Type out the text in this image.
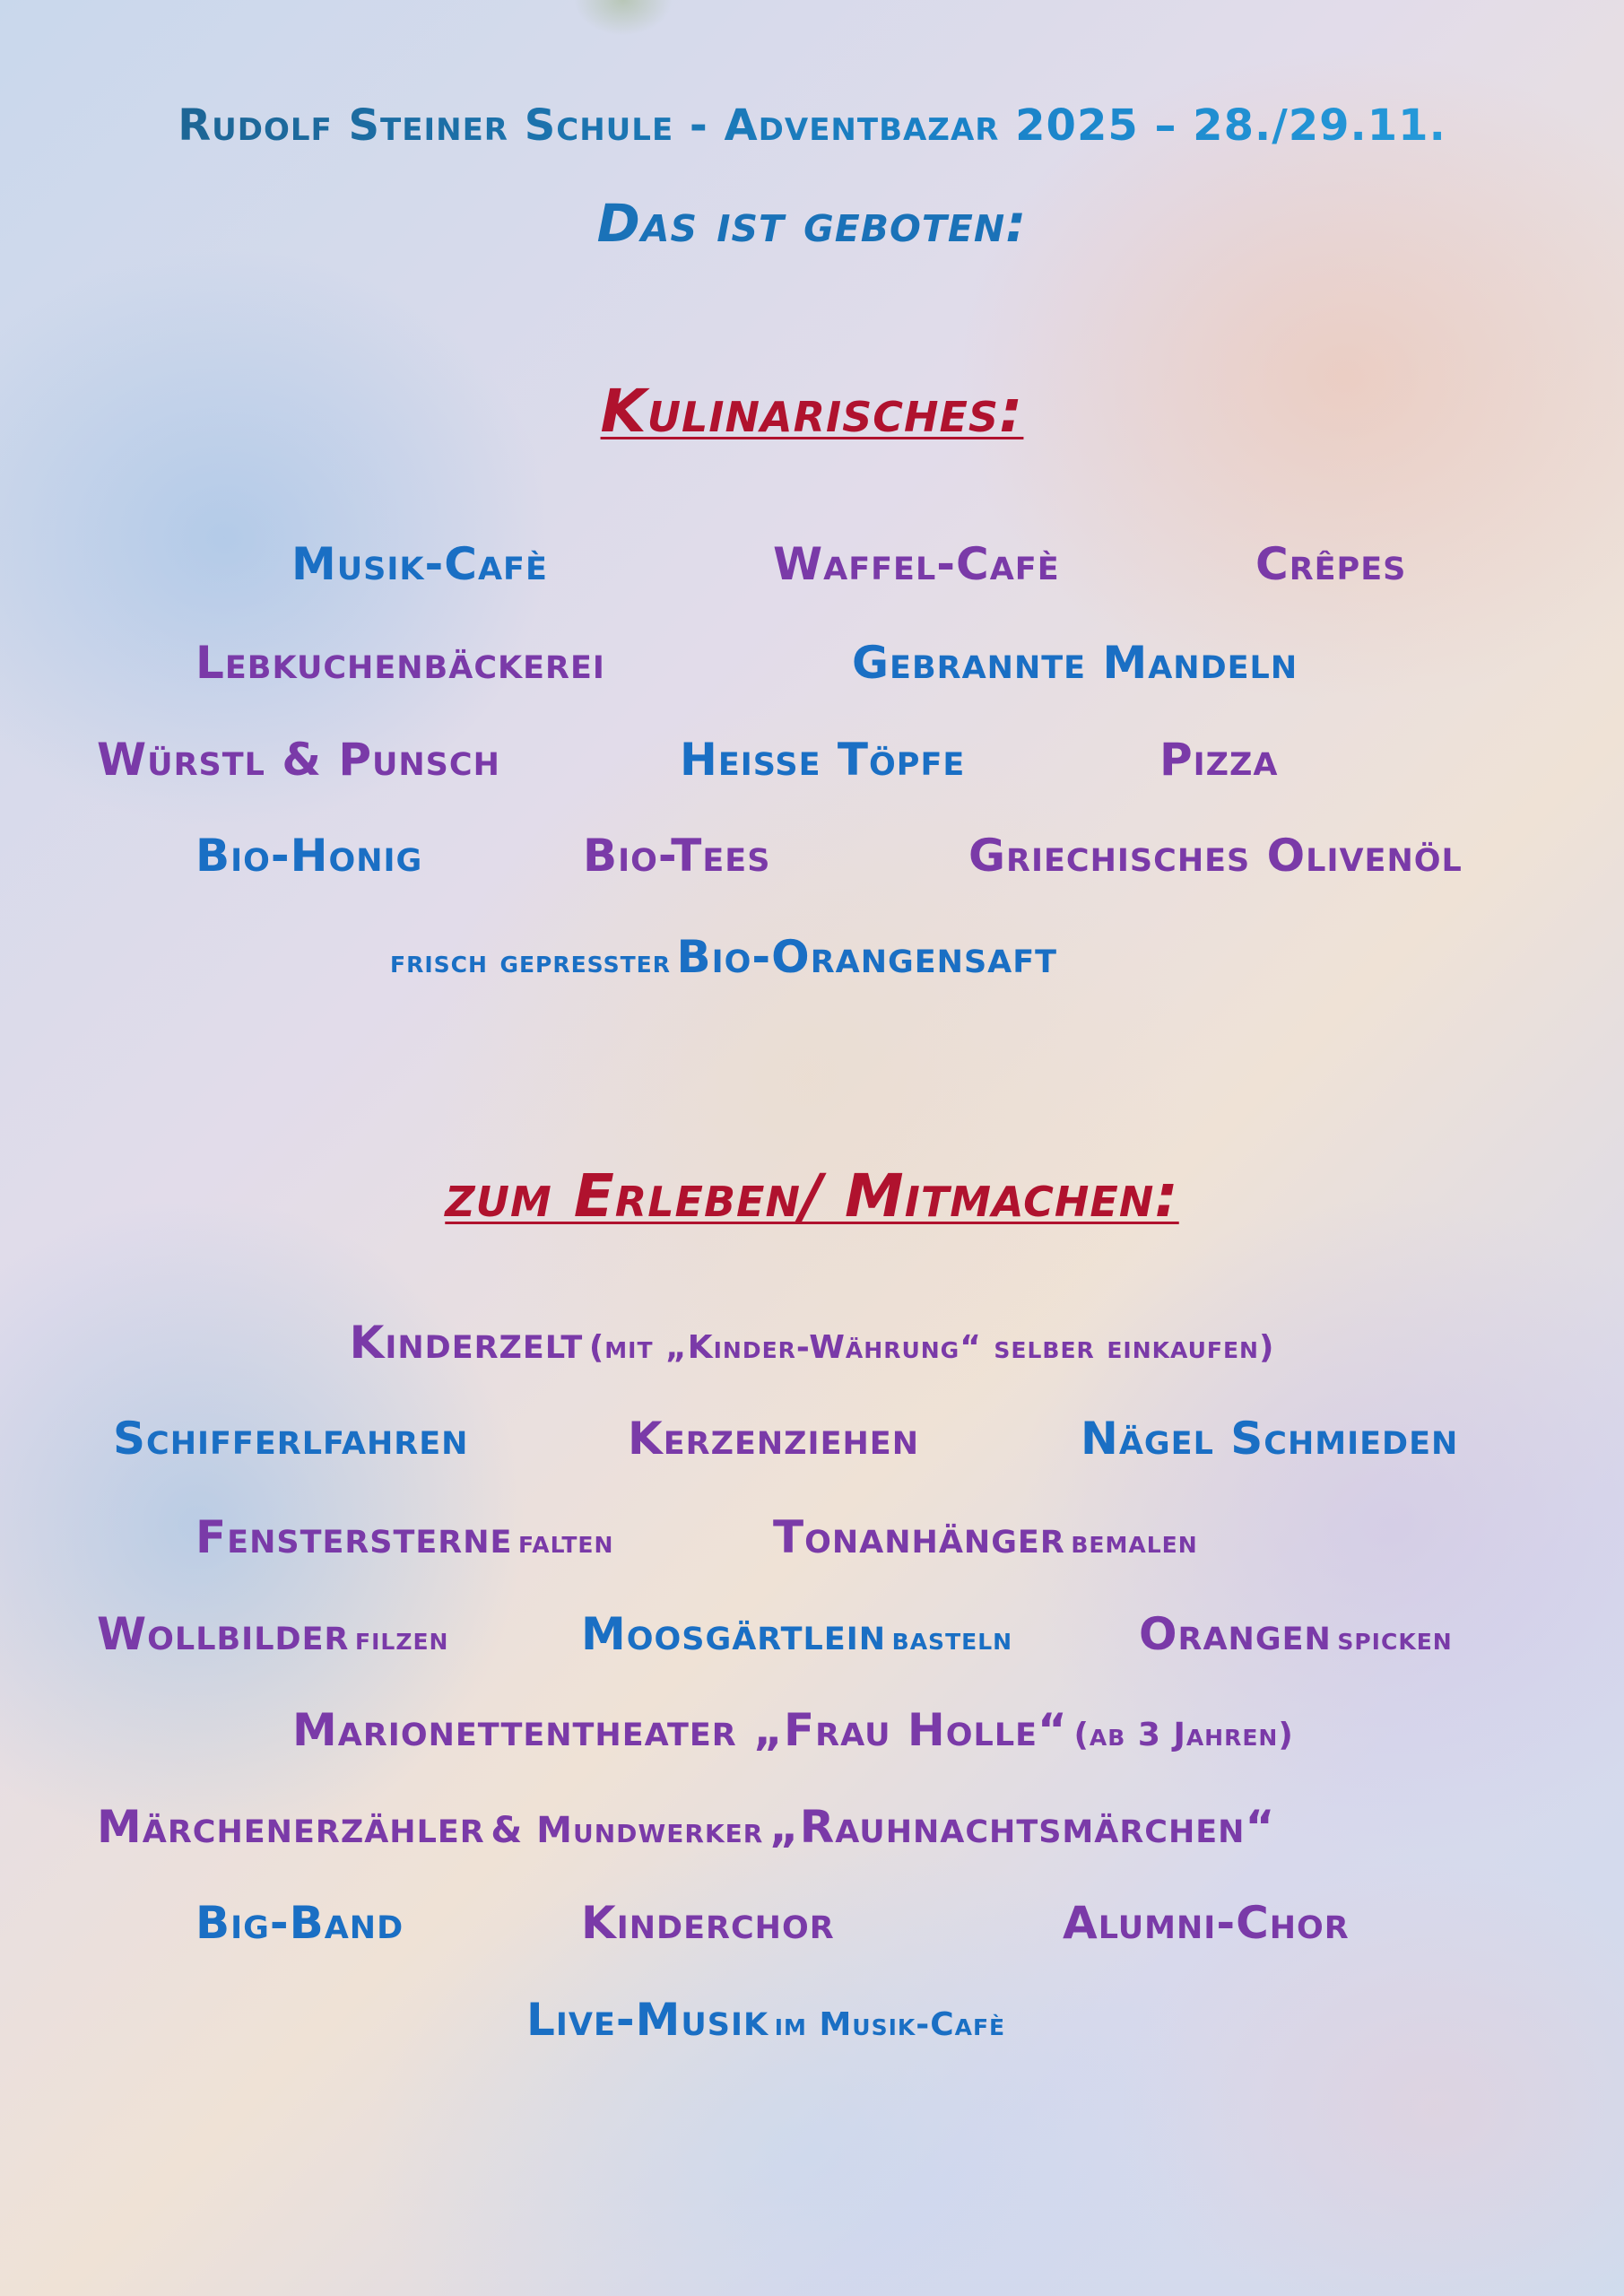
Rudolf Steiner Schule - Adventbazar 2025 – 28./29.11.
Das ist geboten:
Kulinarisches:
Musik-Cafè	Waffel-Cafè	Crêpes
Lebkuchenbäckerei	Gebrannte Mandeln
Würstl & Punsch	Heisse Töpfe	Pizza
Bio-Honig	Bio-Tees	Griechisches Olivenöl
frisch gepresster Bio-Orangensaft
zum Erleben/ Mitmachen:
Kinderzelt (mit „Kinder-Währung“ selber einkaufen)
Schifferlfahren	Kerzenziehen	Nägel Schmieden
Fenstersterne falten	Tonanhänger bemalen
Wollbilder filzen	Moosgärtlein basteln	Orangen spicken
Marionettentheater „Frau Holle“ (ab 3 Jahren)
Märchenerzähler & Mundwerker „Rauhnachtsmärchen“
Big-Band	Kinderchor	Alumni-Chor
Live-Musik im Musik-Cafè
